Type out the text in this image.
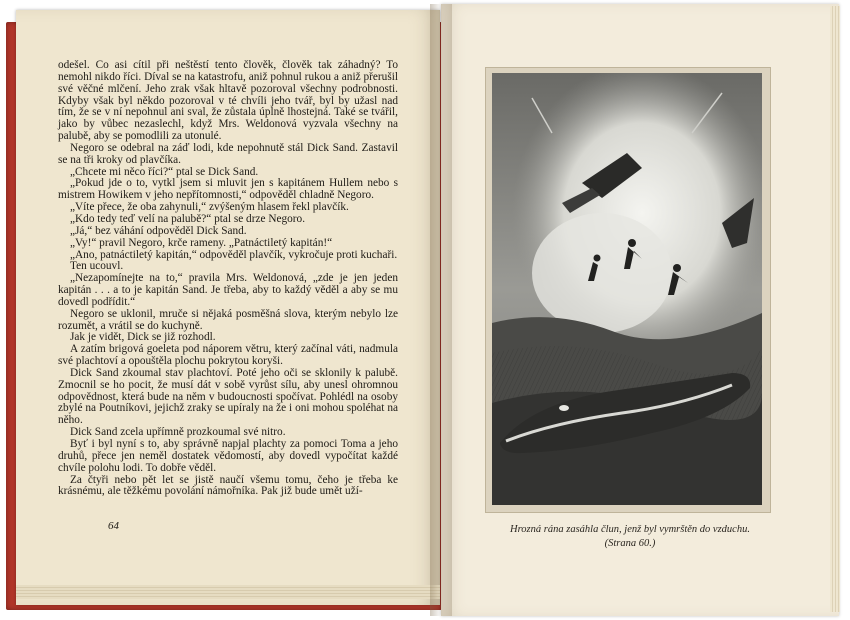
odešel. Co asi cítil při neštěstí tento člověk, člověk tak záhadný? To nemohl nikdo říci. Díval se na katastrofu, aniž pohnul rukou a aniž přerušil své věčné mlčení. Jeho zrak však hltavě pozoroval všechny podrobnosti. Kdyby však byl někdo pozoroval v té chvíli jeho tvář, byl by užasl nad tím, že se v ní nepohnul ani sval, že zůstala úplně lhostejná. Také se tvářil, jako by vůbec nezaslechl, když Mrs. Weldonová vyzvala všechny na palubě, aby se pomodlili za utonulé.

Negoro se odebral na záď lodi, kde nepohnutě stál Dick Sand. Zastavil se na tři kroky od plavčíka.

„Chcete mi něco říci?“ ptal se Dick Sand.

„Pokud jde o to, vytkl jsem si mluvit jen s kapitánem Hullem nebo s mistrem Howikem v jeho nepřítomnosti,“ odpověděl chladně Negoro.

„Víte přece, že oba zahynuli,“ zvýšeným hlasem řekl plavčík.

„Kdo tedy teď velí na palubě?“ ptal se drze Negoro.

„Já,“ bez váhání odpověděl Dick Sand.

„Vy!“ pravil Negoro, krče rameny. „Patnáctiletý kapitán!“

„Ano, patnáctiletý kapitán,“ odpověděl plavčík, vykročuje proti kuchaři.

Ten ucouvl.

„Nezapomínejte na to,“ pravila Mrs. Weldonová, „zde je jen jeden kapitán . . . a to je kapitán Sand. Je třeba, aby to každý věděl a aby se mu dovedl podřídit.“

Negoro se uklonil, mruče si nějaká posměšná slova, kterým nebylo lze rozumět, a vrátil se do kuchyně.

Jak je vidět, Dick se již rozhodl.

A zatím brigová goeleta pod náporem větru, který začínal váti, nadmula své plachtoví a opouštěla plochu pokrytou koryši.

Dick Sand zkoumal stav plachtoví. Poté jeho oči se sklonily k palubě. Zmocnil se ho pocit, že musí dát v sobě vyrůst sílu, aby unesl ohromnou odpovědnost, která bude na něm v budoucnosti spočívat. Pohlédl na osoby zbylé na Poutníkovi, jejichž zraky se upíraly na že i oni mohou spoléhat na něho.

Dick Sand zcela upřímně prozkoumal své nitro.

Byť i byl nyní s to, aby správně napjal plachty za pomoci Toma a jeho druhů, přece jen neměl dostatek vědomostí, aby dovedl vypočítat každé chvíle polohu lodi. To dobře věděl.

Za čtyři nebo pět let se jistě naučí všemu tomu, čeho je třeba ke krásnému, ale těžkému povolání námořníka. Pak již bude umět uží-

64	Hrozná rána zasáhla člun, jenž byl vymrštěn do vzduchu.
(Strana 60.)
